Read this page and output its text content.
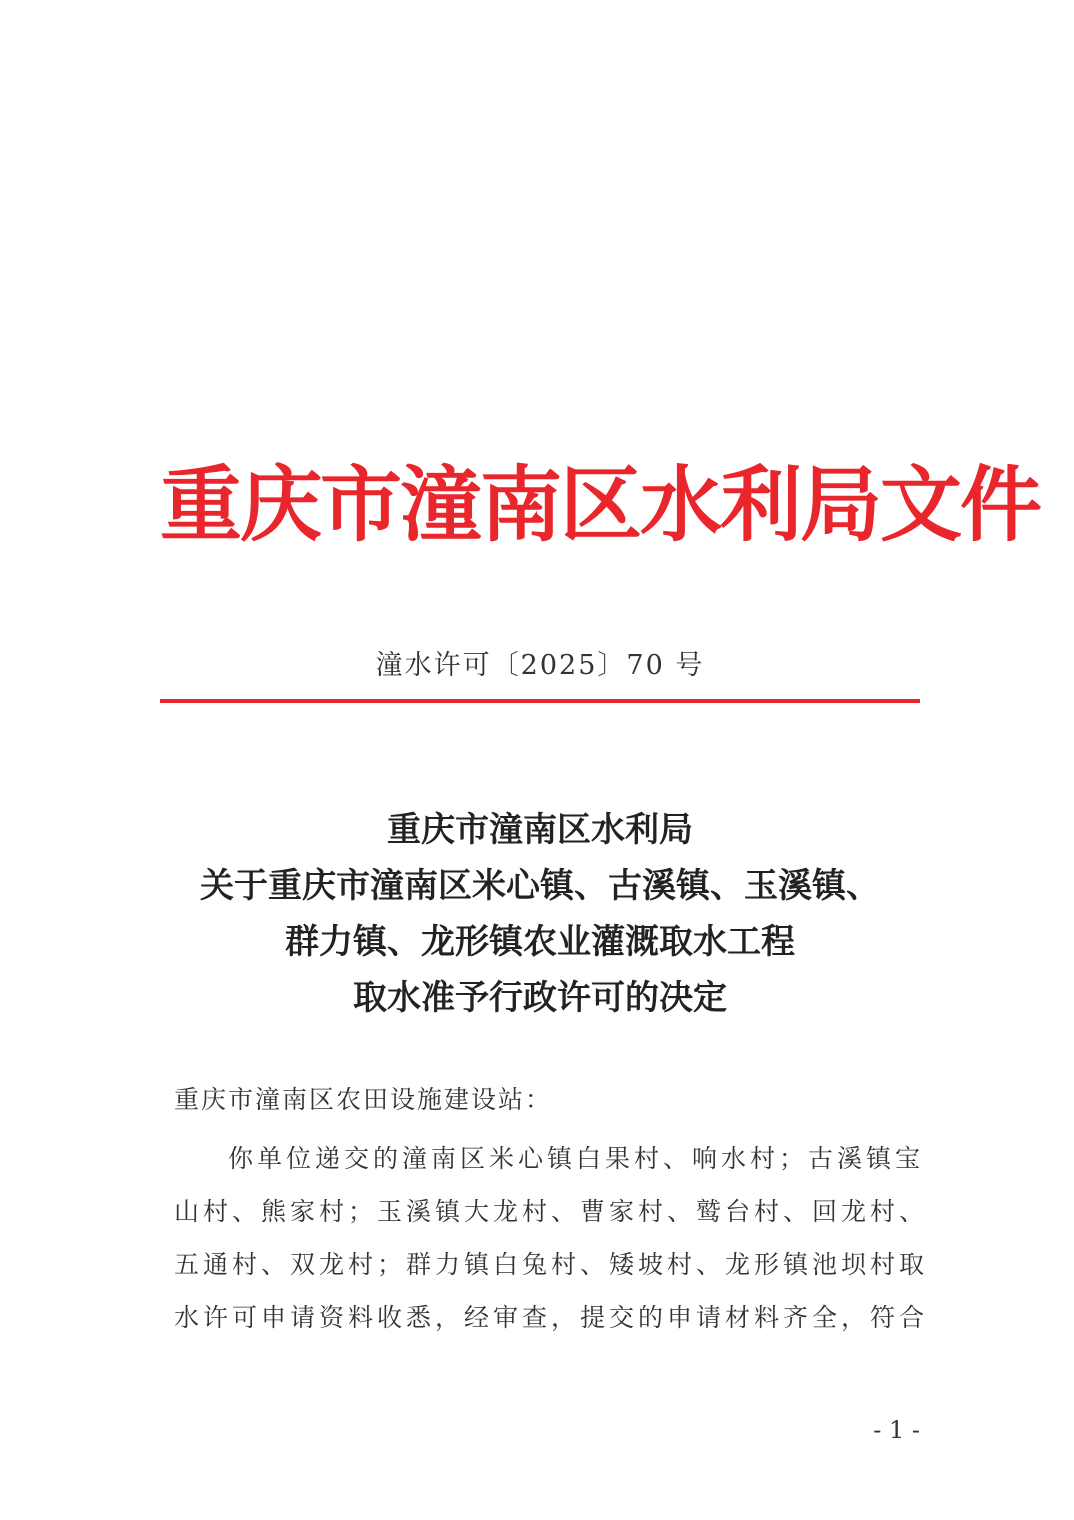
重庆市潼南区水利局文件
潼水许可〔2025〕70 号
重庆市潼南区水利局
关于重庆市潼南区米心镇、古溪镇、玉溪镇、
群力镇、龙形镇农业灌溉取水工程
取水准予行政许可的决定
重庆市潼南区农田设施建设站：
你单位递交的潼南区米心镇白果村、响水村；古溪镇宝
山村、熊家村；玉溪镇大龙村、曹家村、鹫台村、回龙村、
五通村、双龙村；群力镇白兔村、矮坡村、龙形镇池坝村取
水许可申请资料收悉，经审查，提交的申请材料齐全，符合
- 1 -
